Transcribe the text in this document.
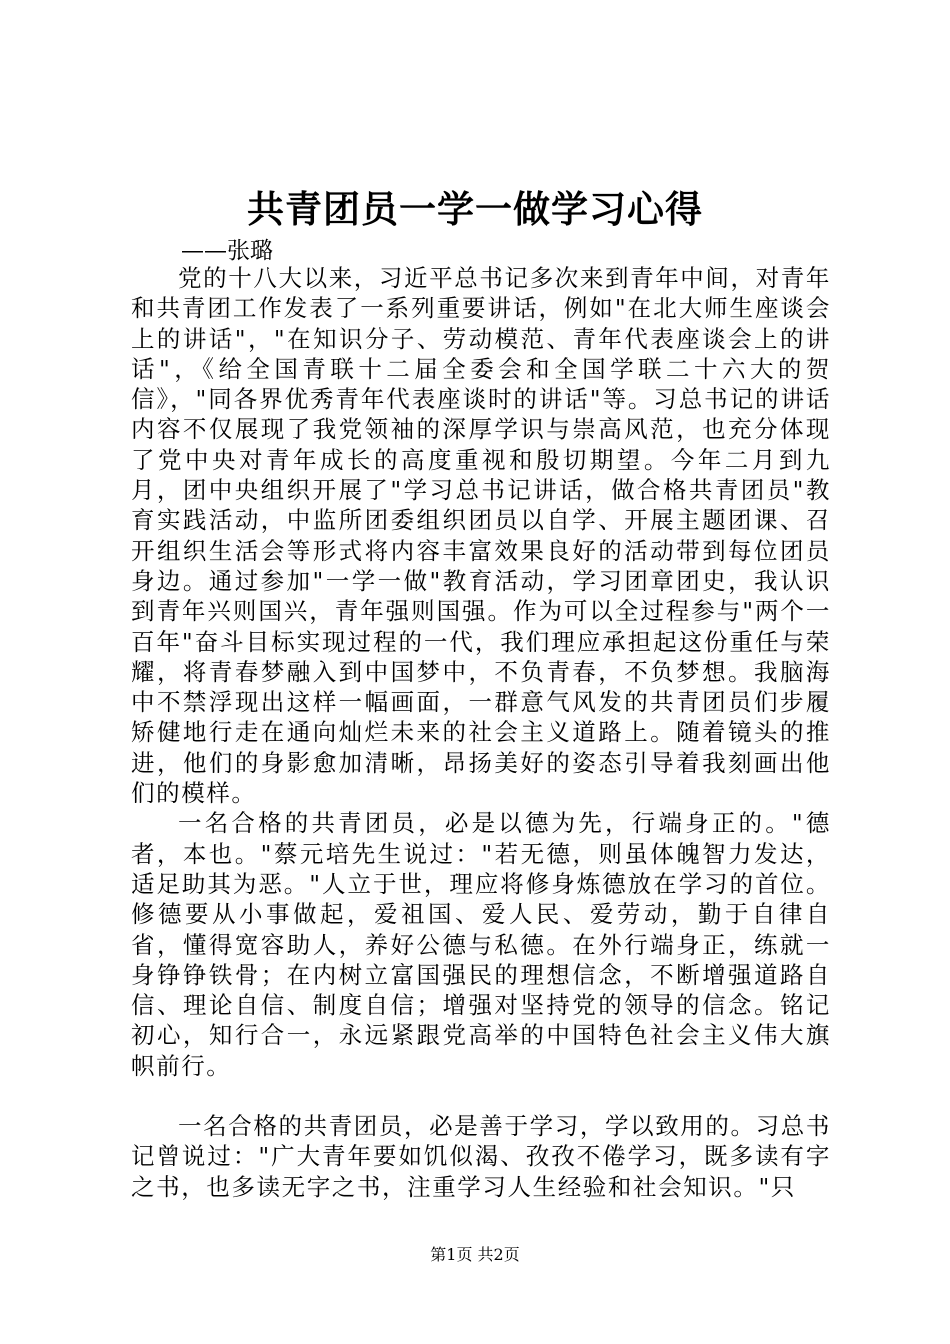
共青团员一学一做学习心得

——张璐

党的十八大以来，习近平总书记多次来到青年中间，对青年和共青团工作发表了一系列重要讲话，例如"在北大师生座谈会上的讲话"，"在知识分子、劳动模范、青年代表座谈会上的讲话"，《给全国青联十二届全委会和全国学联二十六大的贺信》，"同各界优秀青年代表座谈时的讲话"等。习总书记的讲话内容不仅展现了我党领袖的深厚学识与崇高风范，也充分体现了党中央对青年成长的高度重视和殷切期望。今年二月到九月，团中央组织开展了"学习总书记讲话，做合格共青团员"教育实践活动，中监所团委组织团员以自学、开展主题团课、召开组织生活会等形式将内容丰富效果良好的活动带到每位团员身边。通过参加"一学一做"教育活动，学习团章团史，我认识到青年兴则国兴，青年强则国强。作为可以全过程参与"两个一百年"奋斗目标实现过程的一代，我们理应承担起这份重任与荣耀，将青春梦融入到中国梦中，不负青春，不负梦想。我脑海中不禁浮现出这样一幅画面，一群意气风发的共青团员们步履矫健地行走在通向灿烂未来的社会主义道路上。随着镜头的推进，他们的身影愈加清晰，昂扬美好的姿态引导着我刻画出他们的模样。

一名合格的共青团员，必是以德为先，行端身正的。"德者，本也。"蔡元培先生说过："若无德，则虽体魄智力发达，适足助其为恶。"人立于世，理应将修身炼德放在学习的首位。修德要从小事做起，爱祖国、爱人民、爱劳动，勤于自律自省，懂得宽容助人，养好公德与私德。在外行端身正，练就一身铮铮铁骨；在内树立富国强民的理想信念，不断增强道路自信、理论自信、制度自信；增强对坚持党的领导的信念。铭记初心，知行合一，永远紧跟党高举的中国特色社会主义伟大旗帜前行。

一名合格的共青团员，必是善于学习，学以致用的。习总书记曾说过："广大青年要如饥似渴、孜孜不倦学习，既多读有字之书，也多读无字之书，注重学习人生经验和社会知识。"只

第1页 共2页
